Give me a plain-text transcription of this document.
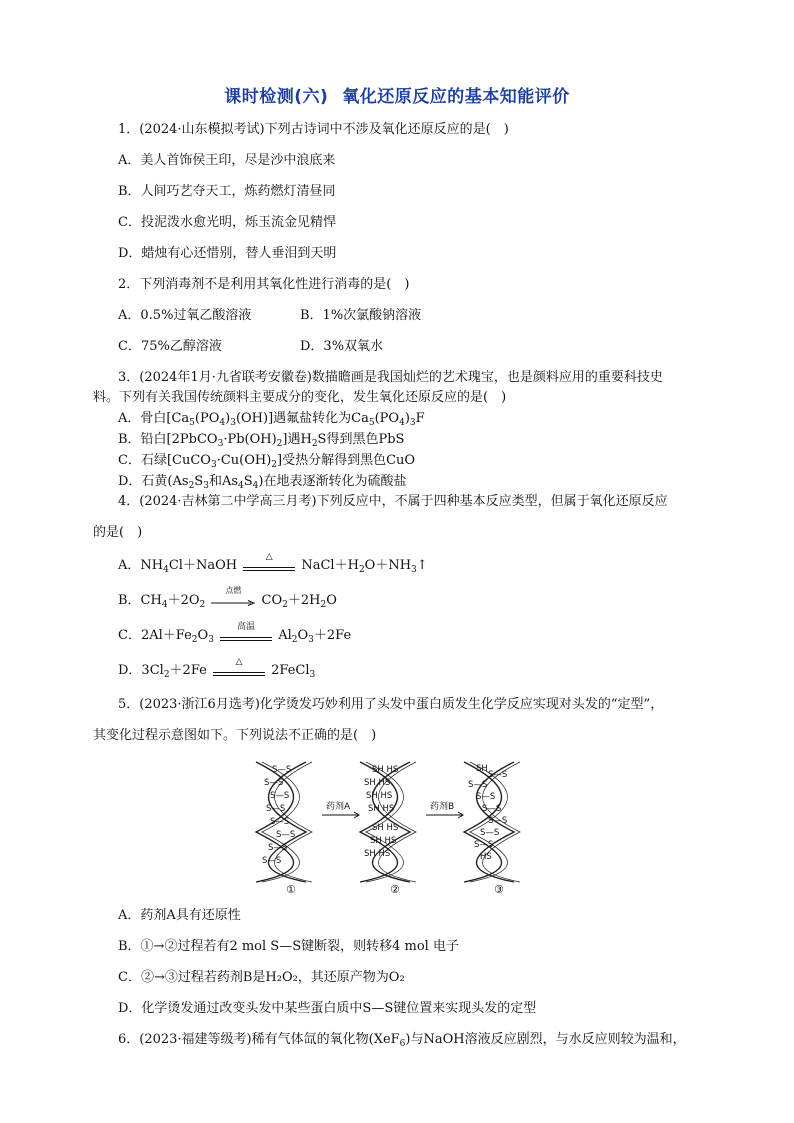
课时检测(六) 氧化还原反应的基本知能评价
1．(2024·山东模拟考试)下列古诗词中不涉及氧化还原反应的是(　)
A．美人首饰侯王印，尽是沙中浪底来
B．人间巧艺夺天工，炼药燃灯清昼同
C．投泥泼水愈光明，烁玉流金见精悍
D．蜡烛有心还惜别，替人垂泪到天明
2．下列消毒剂不是利用其氧化性进行消毒的是(　)
A．0.5%过氧乙酸溶液	B．1%次氯酸钠溶液
C．75%乙醇溶液	D．3%双氧水
3．(2024年1月·九省联考安徽卷)数描瞻画是我国灿烂的艺术瑰宝，也是颜料应用的重要科技史
料。下列有关我国传统颜料主要成分的变化，发生氧化还原反应的是(　)
A．骨白$[Ca_5(PO_4)_3(OH)]$遇氟盐转化为$Ca_5(PO_4)_3F$
B．铅白$[2PbCO_3\cdot Pb(OH)_2]$遇$H_2S$得到黑色PbS
C．石绿$[CuCO_3\cdot Cu(OH)_2]$受热分解得到黑色CuO
D．石黄($As_2S_3$和$As_4S_4$)在地表逐渐转化为硫酸盐
4．(2024·吉林第二中学高三月考)下列反应中，不属于四种基本反应类型，但属于氧化还原反应
的是(　)
A．$NH_4Cl+NaOH$
△
$NaCl+H_2O+NH_3↑$
B．$CH_4+2O_2$
点燃
$CO_2+2H_2O$
C．$2Al+Fe_2O_3$
高温
$Al_2O_3+2Fe$
D．$3Cl_2+2Fe$
△
2FeCl$_3$
5．(2023·浙江6月选考)化学烫发巧妙利用了头发中蛋白质发生化学反应实现对头发的“定型”，
其变化过程示意图如下。下列说法不正确的是(　)
S—S
S—S
S—S
S—S
S—S
S—S
S—S
S—S
药剂A
SH HS
SH HS
SH HS
SH HS
SH HS
SH HS
SH HS
药剂B
SH
S—S
S—S
S—S
S—S
S—S
S—S
S—S
HS
①	②	③
A．药剂A具有还原性
B．①→②过程若有2 mol S—S键断裂，则转移4 mol 电子
C．②→③过程若药剂B是H₂O₂，其还原产物为O₂
D．化学烫发通过改变头发中某些蛋白质中S—S键位置来实现头发的定型
6．(2023·福建等级考)稀有气体氙的氧化物(XeF$_6$)与NaOH溶液反应剧烈，与水反应则较为温和，
